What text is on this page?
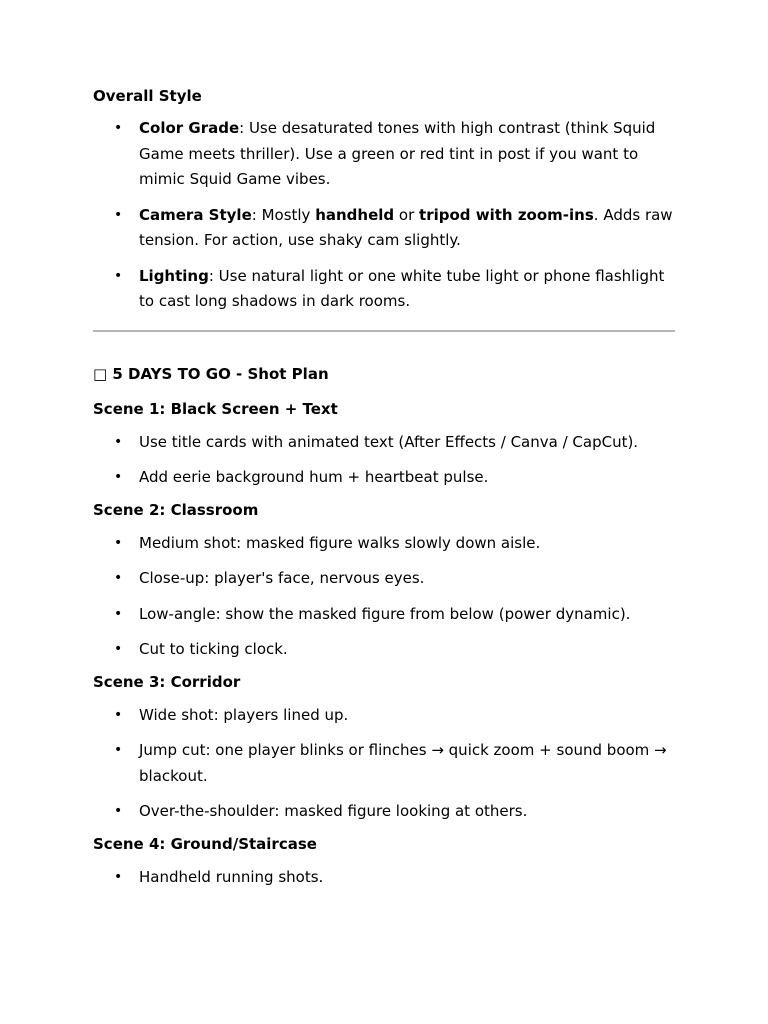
Overall Style

• Color Grade: Use desaturated tones with high contrast (think Squid Game meets thriller). Use a green or red tint in post if you want to mimic Squid Game vibes.
• Camera Style: Mostly handheld or tripod with zoom-ins. Adds raw tension. For action, use shaky cam slightly.
• Lighting: Use natural light or one white tube light or phone flashlight to cast long shadows in dark rooms.

□ 5 DAYS TO GO - Shot Plan

Scene 1: Black Screen + Text

• Use title cards with animated text (After Effects / Canva / CapCut).
• Add eerie background hum + heartbeat pulse.

Scene 2: Classroom

• Medium shot: masked figure walks slowly down aisle.
• Close-up: player's face, nervous eyes.
• Low-angle: show the masked figure from below (power dynamic).
• Cut to ticking clock.

Scene 3: Corridor

• Wide shot: players lined up.
• Jump cut: one player blinks or flinches → quick zoom + sound boom → blackout.
• Over-the-shoulder: masked figure looking at others.

Scene 4: Ground/Staircase

• Handheld running shots.
